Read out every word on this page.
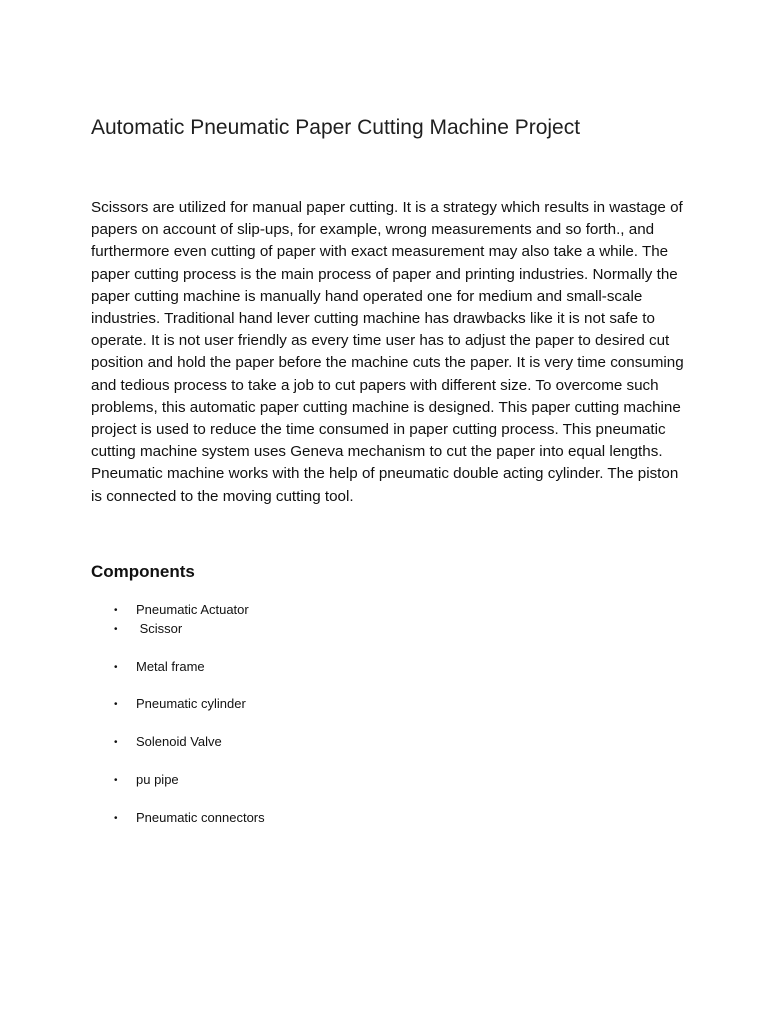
Automatic Pneumatic Paper Cutting Machine Project

Scissors are utilized for manual paper cutting. It is a strategy which results in wastage of papers on account of slip-ups, for example, wrong measurements and so forth., and furthermore even cutting of paper with exact measurement may also take a while. The paper cutting process is the main process of paper and printing industries. Normally the paper cutting machine is manually hand operated one for medium and small-scale industries. Traditional hand lever cutting machine has drawbacks like it is not safe to operate. It is not user friendly as every time user has to adjust the paper to desired cut position and hold the paper before the machine cuts the paper. It is very time consuming and tedious process to take a job to cut papers with different size. To overcome such problems, this automatic paper cutting machine is designed. This paper cutting machine project is used to reduce the time consumed in paper cutting process. This pneumatic cutting machine system uses Geneva mechanism to cut the paper into equal lengths. Pneumatic machine works with the help of pneumatic double acting cylinder. The piston is connected to the moving cutting tool.

Components
• Pneumatic Actuator
• Scissor
• Metal frame
• Pneumatic cylinder
• Solenoid Valve
• pu pipe
• Pneumatic connectors
